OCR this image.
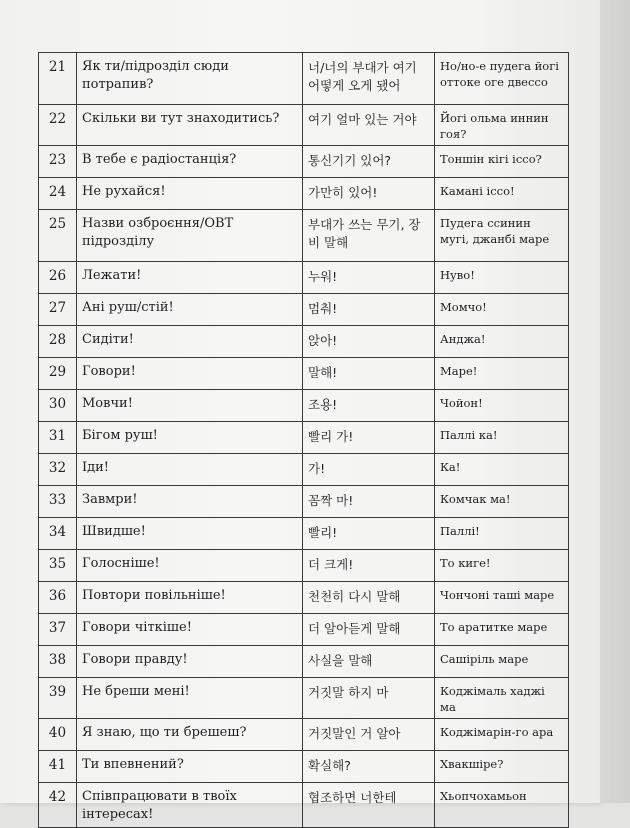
21	Як ти/підрозділ сюди потрапив?	너/너의 부대가 여기 어떻게 오게 됐어	Но/но-е пудега йогі оттоке оге двессо
22	Скільки ви тут знаходитись?	여기 얼마 있는 거야	Йогі ольма иннин гоя?
23	В тебе є радіостанція?	통신기기 있어?	Тоншін кігі іссо?
24	Не рухайся!	가만히 있어!	Камані іссо!
25	Назви озброєння/ОВТ підрозділу	부대가 쓰는 무기, 장비 말해	Пудега ссинин мугі, джанбі маре
26	Лежати!	누워!	Нуво!
27	Ані руш/стій!	멈춰!	Момчо!
28	Сидіти!	앉아!	Анджа!
29	Говори!	말해!	Маре!
30	Мовчи!	조용!	Чойон!
31	Бігом руш!	빨리 가!	Паллі ка!
32	Іди!	가!	Ка!
33	Завмри!	꼼짝 마!	Комчак ма!
34	Швидше!	빨리!	Паллі!
35	Голосніше!	더 크게!	То киге!
36	Повтори повільніше!	천천히 다시 말해	Чончоні таші маре
37	Говори чіткіше!	더 알아듣게 말해	То аратитке маре
38	Говори правду!	사실을 말해	Сашіріль маре
39	Не бреши мені!	거짓말 하지 마	Коджімаль хаджі ма
40	Я знаю, що ти брешеш?	거짓말인 거 알아	Коджімарін-го ара
41	Ти впевнений?	확실해?	Хвакшіре?
42	Співпрацювати в твоїх інтересах!	협조하면 너한테	Хьопчохамьон
